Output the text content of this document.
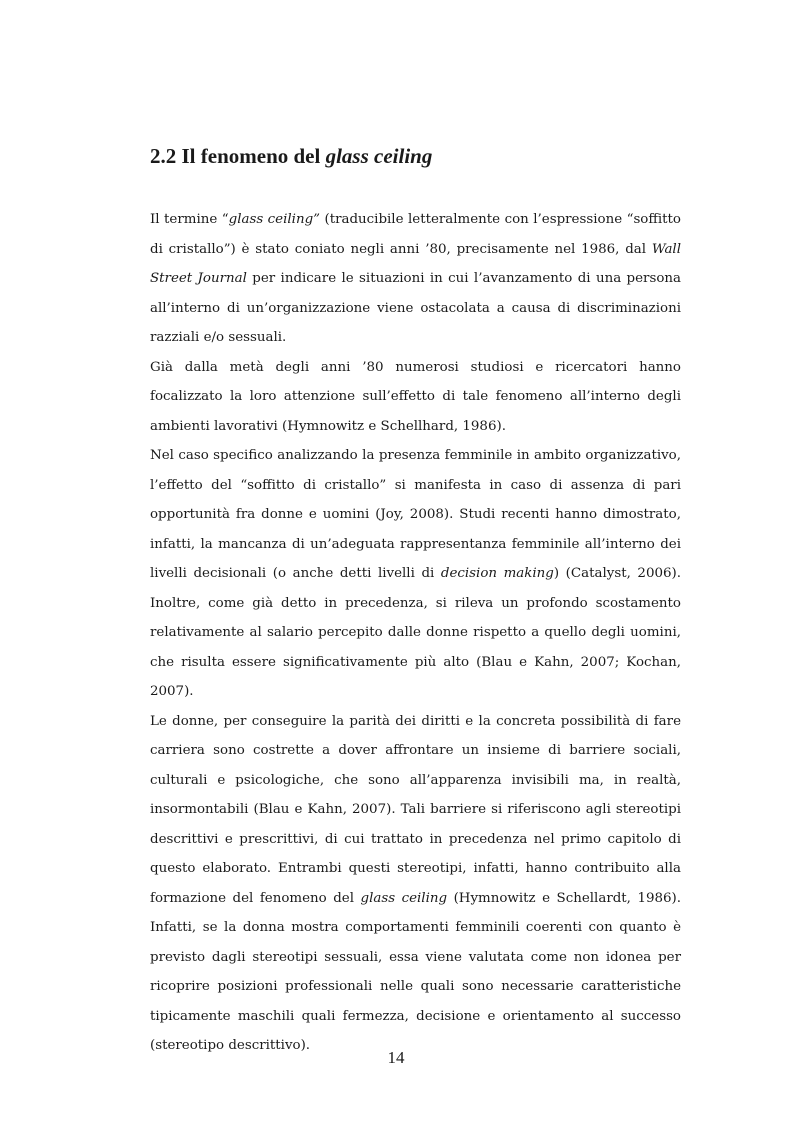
2.2 Il fenomeno del glass ceiling

Il termine “glass ceiling” (traducibile letteralmente con l’espressione “soffitto di cristallo”) è stato coniato negli anni ’80, precisamente nel 1986, dal Wall Street Journal per indicare le situazioni in cui l’avanzamento di una persona all’interno di un’organizzazione viene ostacolata a causa di discriminazioni razziali e/o sessuali.

Già dalla metà degli anni ’80 numerosi studiosi e ricercatori hanno focalizzato la loro attenzione sull’effetto di tale fenomeno all’interno degli ambienti lavorativi (Hymnowitz e Schellhard, 1986).

Nel caso specifico analizzando la presenza femminile in ambito organizzativo, l’effetto del “soffitto di cristallo” si manifesta in caso di assenza di pari opportunità fra donne e uomini (Joy, 2008). Studi recenti hanno dimostrato, infatti, la mancanza di un’adeguata rappresentanza femminile all’interno dei livelli decisionali (o anche detti livelli di decision making) (Catalyst, 2006). Inoltre, come già detto in precedenza, si rileva un profondo scostamento relativamente al salario percepito dalle donne rispetto a quello degli uomini, che risulta essere significativamente più alto (Blau e Kahn, 2007; Kochan, 2007).

Le donne, per conseguire la parità dei diritti e la concreta possibilità di fare carriera sono costrette a dover affrontare un insieme di barriere sociali, culturali e psicologiche, che sono all’apparenza invisibili ma, in realtà, insormontabili (Blau e Kahn, 2007). Tali barriere si riferiscono agli stereotipi descrittivi e prescrittivi, di cui trattato in precedenza nel primo capitolo di questo elaborato. Entrambi questi stereotipi, infatti, hanno contribuito alla formazione del fenomeno del glass ceiling (Hymnowitz e Schellardt, 1986). Infatti, se la donna mostra comportamenti femminili coerenti con quanto è previsto dagli stereotipi sessuali, essa viene valutata come non idonea per ricoprire posizioni professionali nelle quali sono necessarie caratteristiche tipicamente maschili quali fermezza, decisione e orientamento al successo (stereotipo descrittivo).

14
